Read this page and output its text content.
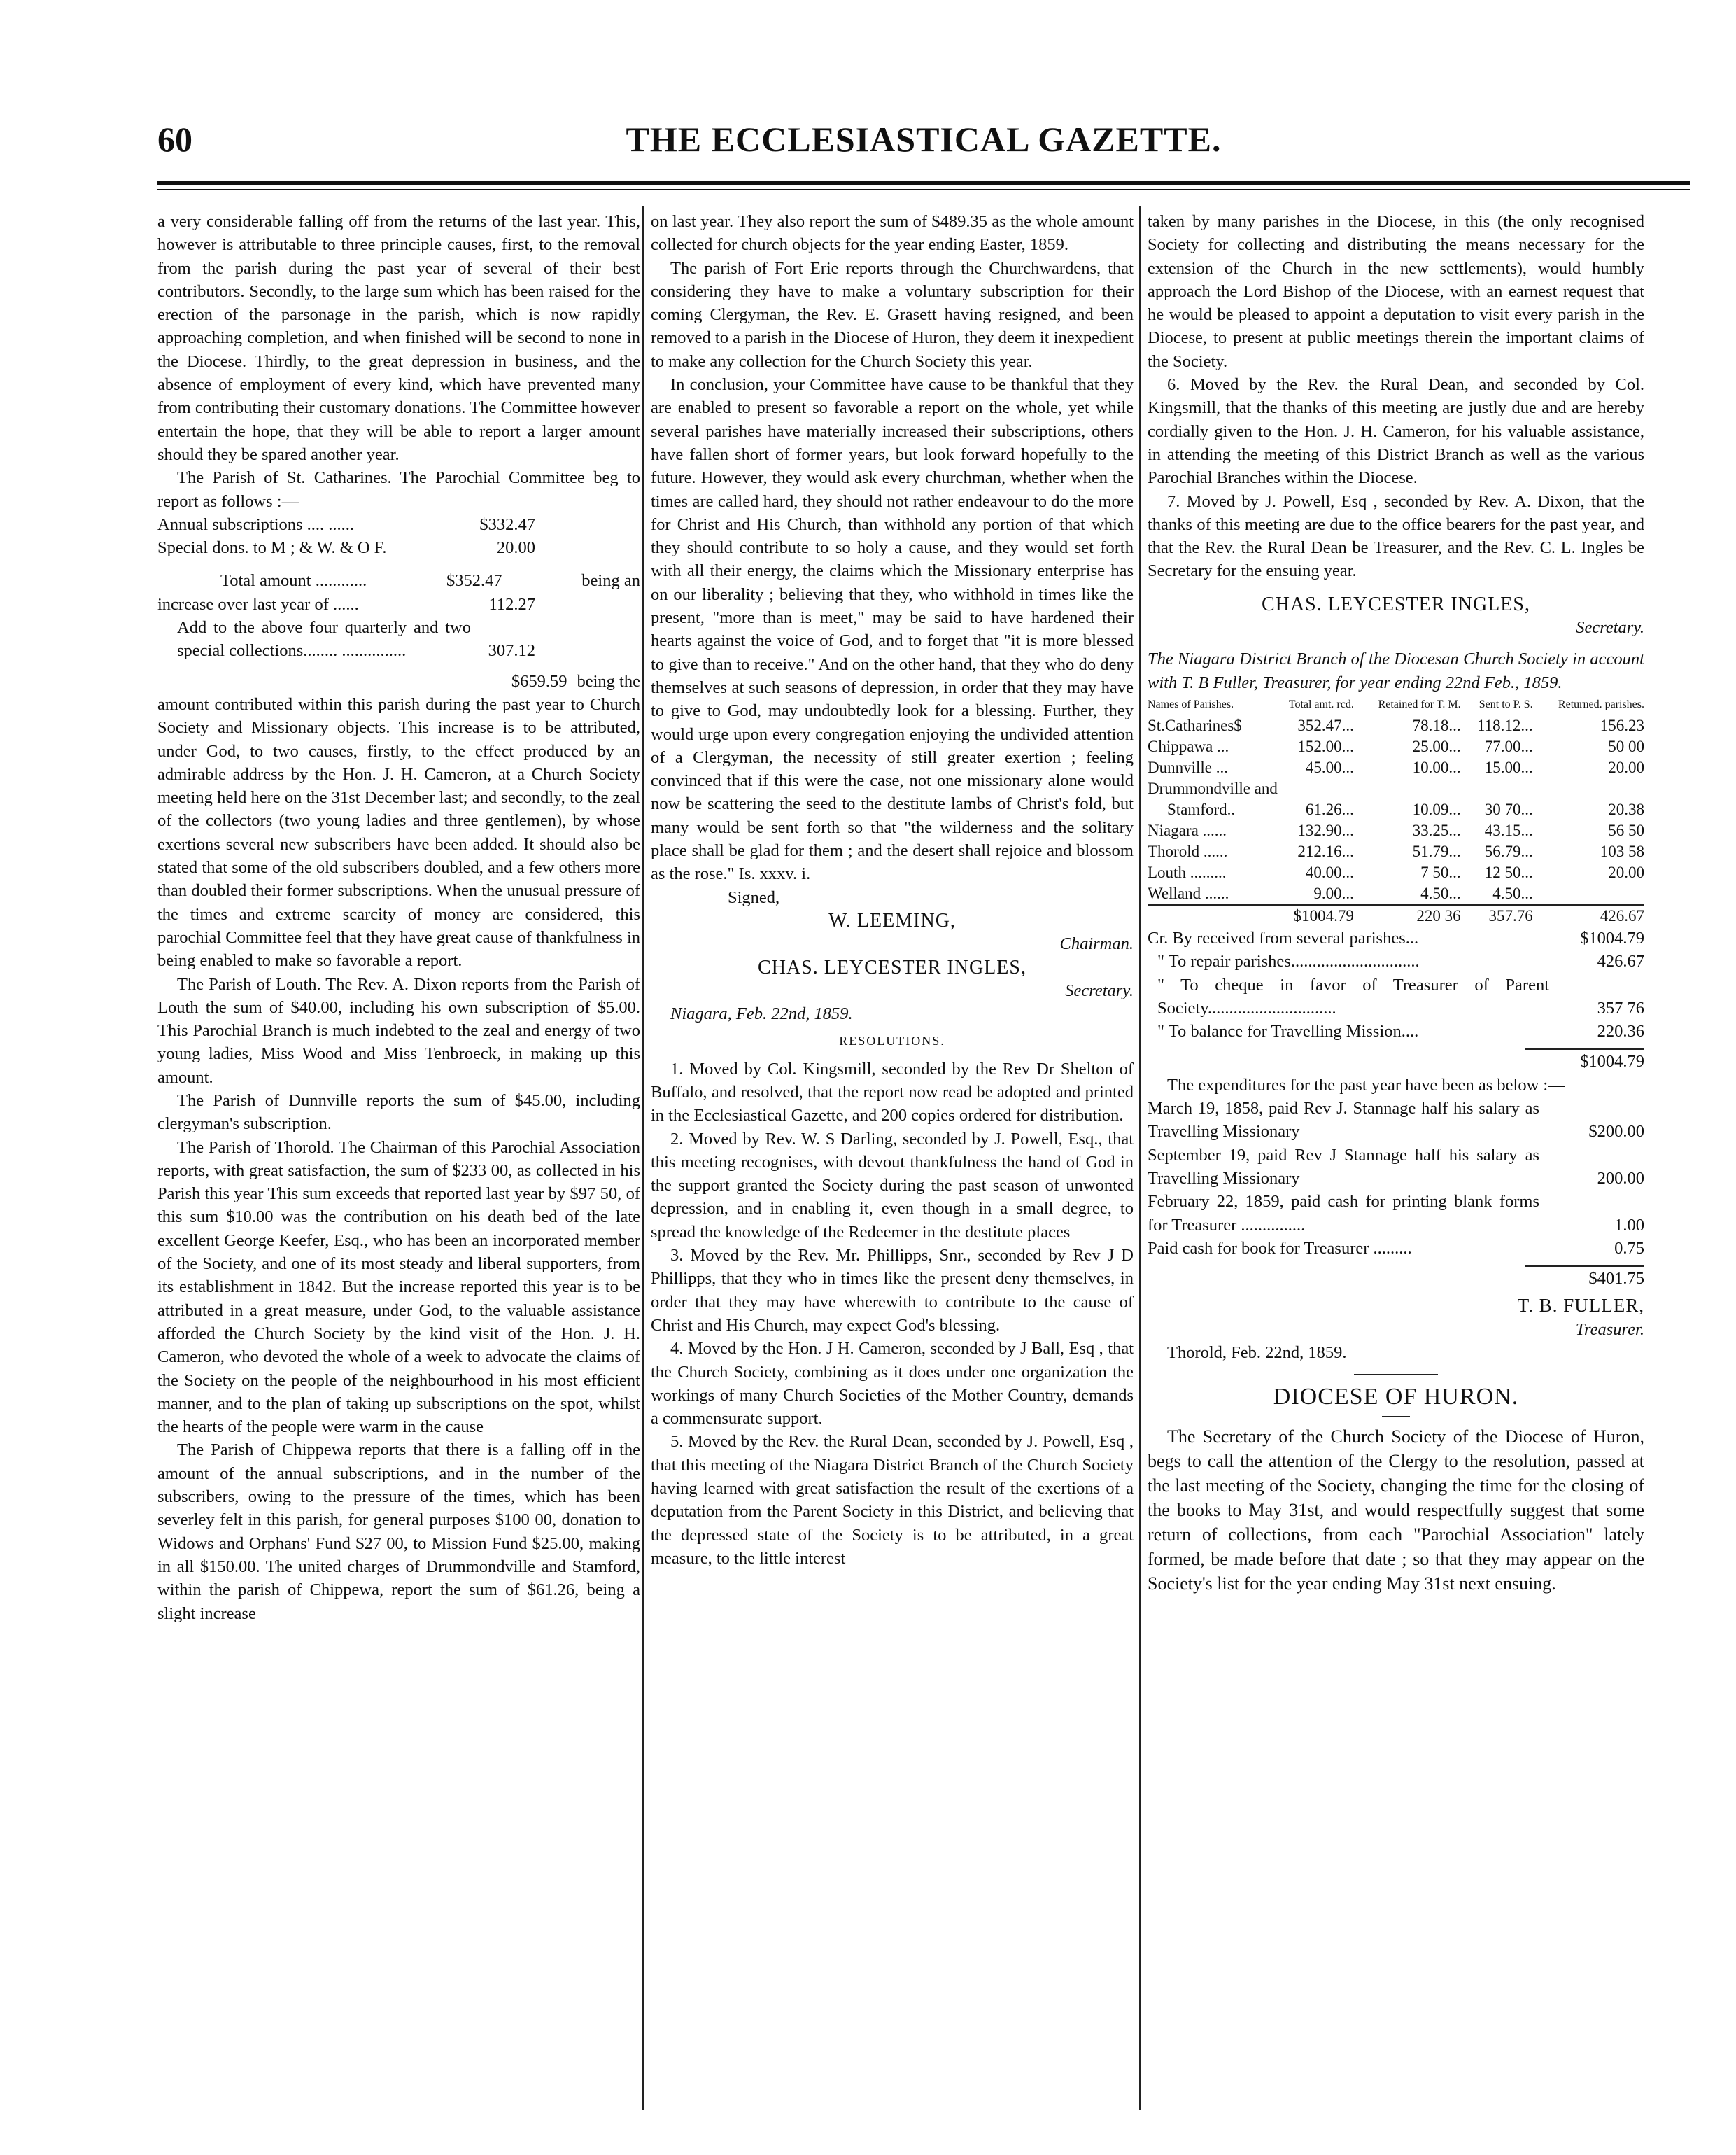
60	THE ECCLESIASTICAL GAZETTE.

a very considerable falling off from the returns of the last year. This, however is attributable to three principle causes, first, to the removal from the parish during the past year of several of their best contributors. Secondly, to the large sum which has been raised for the erection of the parsonage in the parish, which is now rapidly approaching completion, and when finished will be second to none in the Diocese. Thirdly, to the great depression in business, and the absence of employment of every kind, which have prevented many from contributing their customary donations. The Committee however entertain the hope, that they will be able to report a larger amount should they be spared another year.

The Parish of St. Catharines. The Parochial Committee beg to report as follows :—

Annual subscriptions .... ......	$332.47
Special dons. to M ; & W. & O F.	20.00
Total amount ............	$352.47	being an
increase over last year of ......	112.27
Add to the above four quarterly and two special collections........ ...............	307.12
$659.59 being the

amount contributed within this parish during the past year to Church Society and Missionary objects. This increase is to be attributed, under God, to two causes, firstly, to the effect produced by an admirable address by the Hon. J. H. Cameron, at a Church Society meeting held here on the 31st December last; and secondly, to the zeal of the collectors (two young ladies and three gentlemen), by whose exertions several new subscribers have been added. It should also be stated that some of the old subscribers doubled, and a few others more than doubled their former subscriptions. When the unusual pressure of the times and extreme scarcity of money are considered, this parochial Committee feel that they have great cause of thankfulness in being enabled to make so favorable a report.

The Parish of Louth. The Rev. A. Dixon reports from the Parish of Louth the sum of $40.00, including his own subscription of $5.00. This Parochial Branch is much indebted to the zeal and energy of two young ladies, Miss Wood and Miss Tenbroeck, in making up this amount.

The Parish of Dunnville reports the sum of $45.00, including clergyman's subscription.

The Parish of Thorold. The Chairman of this Parochial Association reports, with great satisfaction, the sum of $233 00, as collected in his Parish this year This sum exceeds that reported last year by $97 50, of this sum $10.00 was the contribution on his death bed of the late excellent George Keefer, Esq., who has been an incorporated member of the Society, and one of its most steady and liberal supporters, from its establishment in 1842. But the increase reported this year is to be attributed in a great measure, under God, to the valuable assistance afforded the Church Society by the kind visit of the Hon. J. H. Cameron, who devoted the whole of a week to advocate the claims of the Society on the people of the neighbourhood in his most efficient manner, and to the plan of taking up subscriptions on the spot, whilst the hearts of the people were warm in the cause

The Parish of Chippewa reports that there is a falling off in the amount of the annual subscriptions, and in the number of the subscribers, owing to the pressure of the times, which has been severley felt in this parish, for general purposes $100 00, donation to Widows and Orphans' Fund $27 00, to Mission Fund $25.00, making in all $150.00. The united charges of Drummondville and Stamford, within the parish of Chippewa, report the sum of $61.26, being a slight increase

on last year. They also report the sum of $489.35 as the whole amount collected for church objects for the year ending Easter, 1859.

The parish of Fort Erie reports through the Churchwardens, that considering they have to make a voluntary subscription for their coming Clergyman, the Rev. E. Grasett having resigned, and been removed to a parish in the Diocese of Huron, they deem it inexpedient to make any collection for the Church Society this year.

In conclusion, your Committee have cause to be thankful that they are enabled to present so favorable a report on the whole, yet while several parishes have materially increased their subscriptions, others have fallen short of former years, but look forward hopefully to the future. However, they would ask every churchman, whether when the times are called hard, they should not rather endeavour to do the more for Christ and His Church, than withhold any portion of that which they should contribute to so holy a cause, and they would set forth with all their energy, the claims which the Missionary enterprise has on our liberality ; believing that they, who withhold in times like the present, "more than is meet," may be said to have hardened their hearts against the voice of God, and to forget that "it is more blessed to give than to receive." And on the other hand, that they who do deny themselves at such seasons of depression, in order that they may have to give to God, may undoubtedly look for a blessing. Further, they would urge upon every congregation enjoying the undivided attention of a Clergyman, the necessity of still greater exertion ; feeling convinced that if this were the case, not one missionary alone would now be scattering the seed to the destitute lambs of Christ's fold, but many would be sent forth so that "the wilderness and the solitary place shall be glad for them ; and the desert shall rejoice and blossom as the rose." Is. xxxv. i.

Signed,
W. LEEMING,
Chairman.
CHAS. LEYCESTER INGLES,
Secretary.
Niagara, Feb. 22nd, 1859.
RESOLUTIONS.

1. Moved by Col. Kingsmill, seconded by the Rev Dr Shelton of Buffalo, and resolved, that the report now read be adopted and printed in the Ecclesiastical Gazette, and 200 copies ordered for distribution.

2. Moved by Rev. W. S Darling, seconded by J. Powell, Esq., that this meeting recognises, with devout thankfulness the hand of God in the support granted the Society during the past season of unwonted depression, and in enabling it, even though in a small degree, to spread the knowledge of the Redeemer in the destitute places

3. Moved by the Rev. Mr. Phillipps, Snr., seconded by Rev J D Phillipps, that they who in times like the present deny themselves, in order that they may have wherewith to contribute to the cause of Christ and His Church, may expect God's blessing.

4. Moved by the Hon. J H. Cameron, seconded by J Ball, Esq , that the Church Society, combining as it does under one organization the workings of many Church Societies of the Mother Country, demands a commensurate support.

5. Moved by the Rev. the Rural Dean, seconded by J. Powell, Esq , that this meeting of the Niagara District Branch of the Church Society having learned with great satisfaction the result of the exertions of a deputation from the Parent Society in this District, and believing that the depressed state of the Society is to be attributed, in a great measure, to the little interest

taken by many parishes in the Diocese, in this (the only recognised Society for collecting and distributing the means necessary for the extension of the Church in the new settlements), would humbly approach the Lord Bishop of the Diocese, with an earnest request that he would be pleased to appoint a deputation to visit every parish in the Diocese, to present at public meetings therein the important claims of the Society.

6. Moved by the Rev. the Rural Dean, and seconded by Col. Kingsmill, that the thanks of this meeting are justly due and are hereby cordially given to the Hon. J. H. Cameron, for his valuable assistance, in attending the meeting of this District Branch as well as the various Parochial Branches within the Diocese.

7. Moved by J. Powell, Esq , seconded by Rev. A. Dixon, that the thanks of this meeting are due to the office bearers for the past year, and that the Rev. the Rural Dean be Treasurer, and the Rev. C. L. Ingles be Secretary for the ensuing year.

CHAS. LEYCESTER INGLES,
Secretary.

The Niagara District Branch of the Diocesan Church Society in account with T. B Fuller, Treasurer, for year ending 22nd Feb., 1859.

Names of Parishes.	Total amt. rcd.	Retained for T. M.	Sent to P. S.	Returned. parishes.
St.Catharines$	352.47...	78.18...	118.12...	156.23
Chippawa ...	152.00...	25.00...	77.00...	50 00
Dunnville ...	45.00...	10.00...	15.00...	20.00
Drummondville and				
Stamford..	61.26...	10.09...	30 70...	20.38
Niagara ......	132.90...	33.25...	43.15...	56 50
Thorold ......	212.16...	51.79...	56.79...	103 58
Louth .........	40.00...	7 50...	12 50...	20.00
Welland ......	9.00...	4.50...	4.50...	
	$1004.79	220 36	357.76	426.67
Cr. By received from several parishes...	$1004.79
" To repair parishes..............................	426.67
" To cheque in favor of Treasurer of Parent Society..............................	357 76
" To balance for Travelling Mission....	220.36
$1004.79

The expenditures for the past year have been as below :—

March 19, 1858, paid Rev J. Stannage half his salary as Travelling Missionary	$200.00
September 19, paid Rev J Stannage half his salary as Travelling Missionary	200.00
February 22, 1859, paid cash for printing blank forms for Treasurer ...............	1.00
Paid cash for book for Treasurer .........	0.75
$401.75
T. B. FULLER,
Treasurer.
Thorold, Feb. 22nd, 1859.
DIOCESE OF HURON.

The Secretary of the Church Society of the Diocese of Huron, begs to call the attention of the Clergy to the resolution, passed at the last meeting of the Society, changing the time for the closing of the books to May 31st, and would respectfully suggest that some return of collections, from each "Parochial Association" lately formed, be made before that date ; so that they may appear on the Society's list for the year ending May 31st next ensuing.
